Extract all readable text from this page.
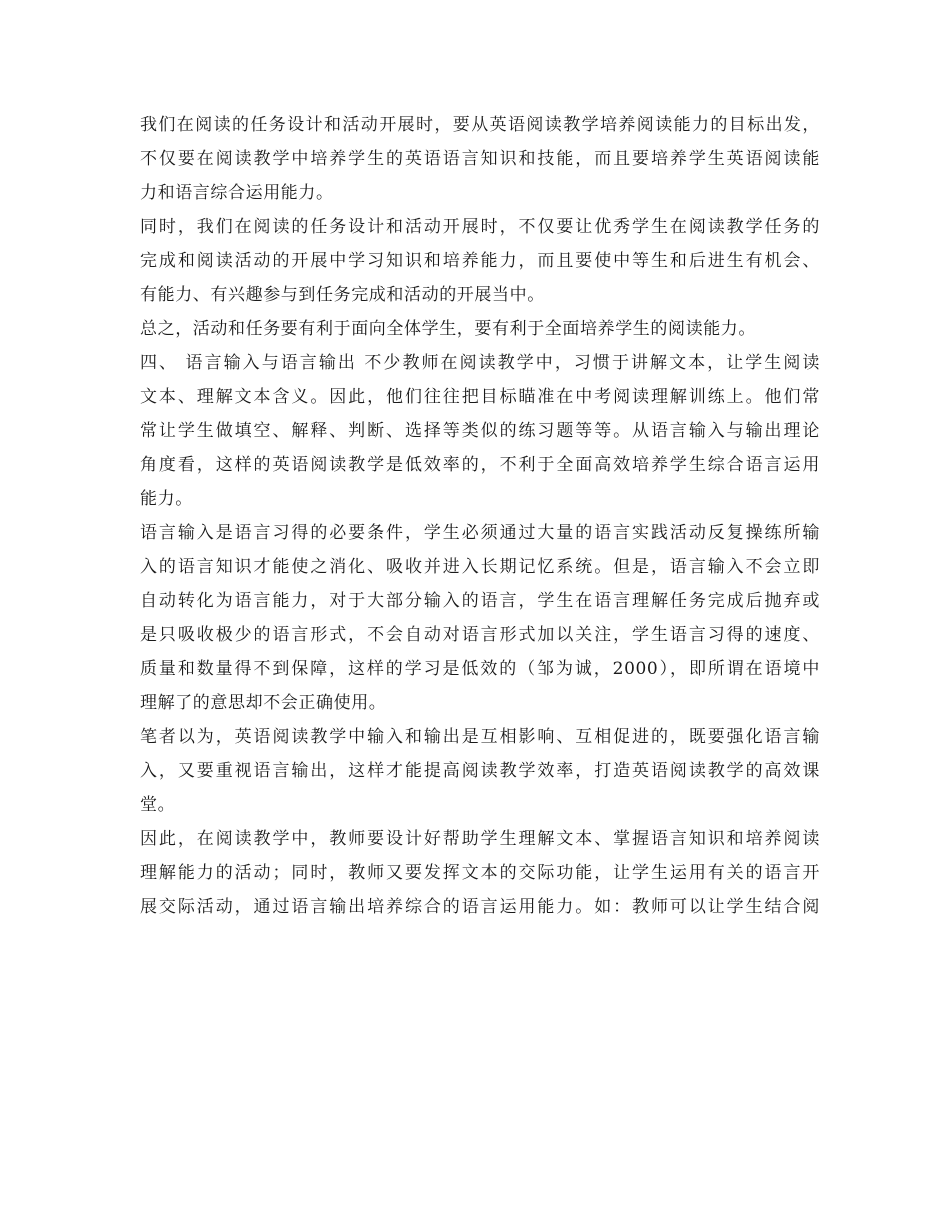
我们在阅读的任务设计和活动开展时，要从英语阅读教学培养阅读能力的目标出发，
不仅要在阅读教学中培养学生的英语语言知识和技能，而且要培养学生英语阅读能
力和语言综合运用能力。
同时，我们在阅读的任务设计和活动开展时，不仅要让优秀学生在阅读教学任务的
完成和阅读活动的开展中学习知识和培养能力，而且要使中等生和后进生有机会、
有能力、有兴趣参与到任务完成和活动的开展当中。
总之，活动和任务要有利于面向全体学生，要有利于全面培养学生的阅读能力。
四、 语言输入与语言输出 不少教师在阅读教学中，习惯于讲解文本，让学生阅读
文本、理解文本含义。因此，他们往往把目标瞄准在中考阅读理解训练上。他们常
常让学生做填空、解释、判断、选择等类似的练习题等等。从语言输入与输出理论
角度看，这样的英语阅读教学是低效率的，不利于全面高效培养学生综合语言运用
能力。
语言输入是语言习得的必要条件，学生必须通过大量的语言实践活动反复操练所输
入的语言知识才能使之消化、吸收并进入长期记忆系统。但是，语言输入不会立即
自动转化为语言能力，对于大部分输入的语言，学生在语言理解任务完成后抛弃或
是只吸收极少的语言形式，不会自动对语言形式加以关注，学生语言习得的速度、
质量和数量得不到保障，这样的学习是低效的（邹为诚，2000），即所谓在语境中
理解了的意思却不会正确使用。
笔者以为，英语阅读教学中输入和输出是互相影响、互相促进的，既要强化语言输
入，又要重视语言输出，这样才能提高阅读教学效率，打造英语阅读教学的高效课
堂。
因此，在阅读教学中，教师要设计好帮助学生理解文本、掌握语言知识和培养阅读
理解能力的活动；同时，教师又要发挥文本的交际功能，让学生运用有关的语言开
展交际活动，通过语言输出培养综合的语言运用能力。如：教师可以让学生结合阅
